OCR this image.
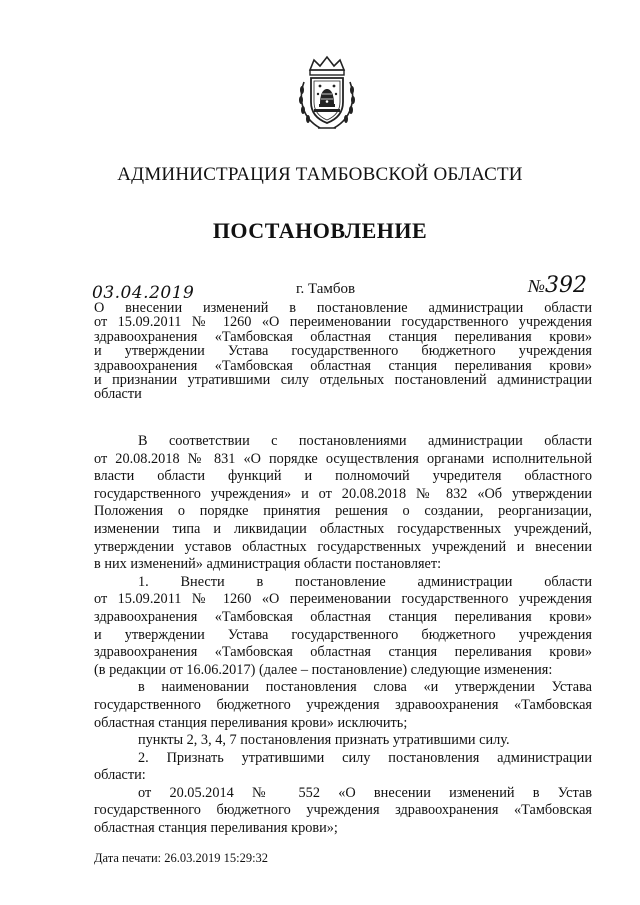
АДМИНИСТРАЦИЯ ТАМБОВСКОЙ ОБЛАСТИ
ПОСТАНОВЛЕНИЕ
03.04.2019	г. Тамбов	№392
О внесении изменений в постановление администрации области
от 15.09.2011 № 1260 «О переименовании государственного учреждения
здравоохранения «Тамбовская областная станция переливания крови»
и утверждении Устава государственного бюджетного учреждения
здравоохранения «Тамбовская областная станция переливания крови»
и признании утратившими силу отдельных постановлений администрации
области

В соответствии с постановлениями администрации области
от 20.08.2018 № 831 «О порядке осуществления органами исполнительной
власти области функций и полномочий учредителя областного
государственного учреждения» и от 20.08.2018 № 832 «Об утверждении
Положения о порядке принятия решения о создании, реорганизации,
изменении типа и ликвидации областных государственных учреждений,
утверждении уставов областных государственных учреждений и внесении
в них изменений» администрация области постановляет:

1. Внести в постановление администрации области
от 15.09.2011 № 1260 «О переименовании государственного учреждения
здравоохранения «Тамбовская областная станция переливания крови»
и утверждении Устава государственного бюджетного учреждения
здравоохранения «Тамбовская областная станция переливания крови»
(в редакции от 16.06.2017) (далее – постановление) следующие изменения:

в наименовании постановления слова «и утверждении Устава
государственного бюджетного учреждения здравоохранения «Тамбовская
областная станция переливания крови» исключить;

пункты 2, 3, 4, 7 постановления признать утратившими силу.

2. Признать утратившими силу постановления администрации
области:

от 20.05.2014 № 552 «О внесении изменений в Устав
государственного бюджетного учреждения здравоохранения «Тамбовская
областная станция переливания крови»;

Дата печати: 26.03.2019 15:29:32
